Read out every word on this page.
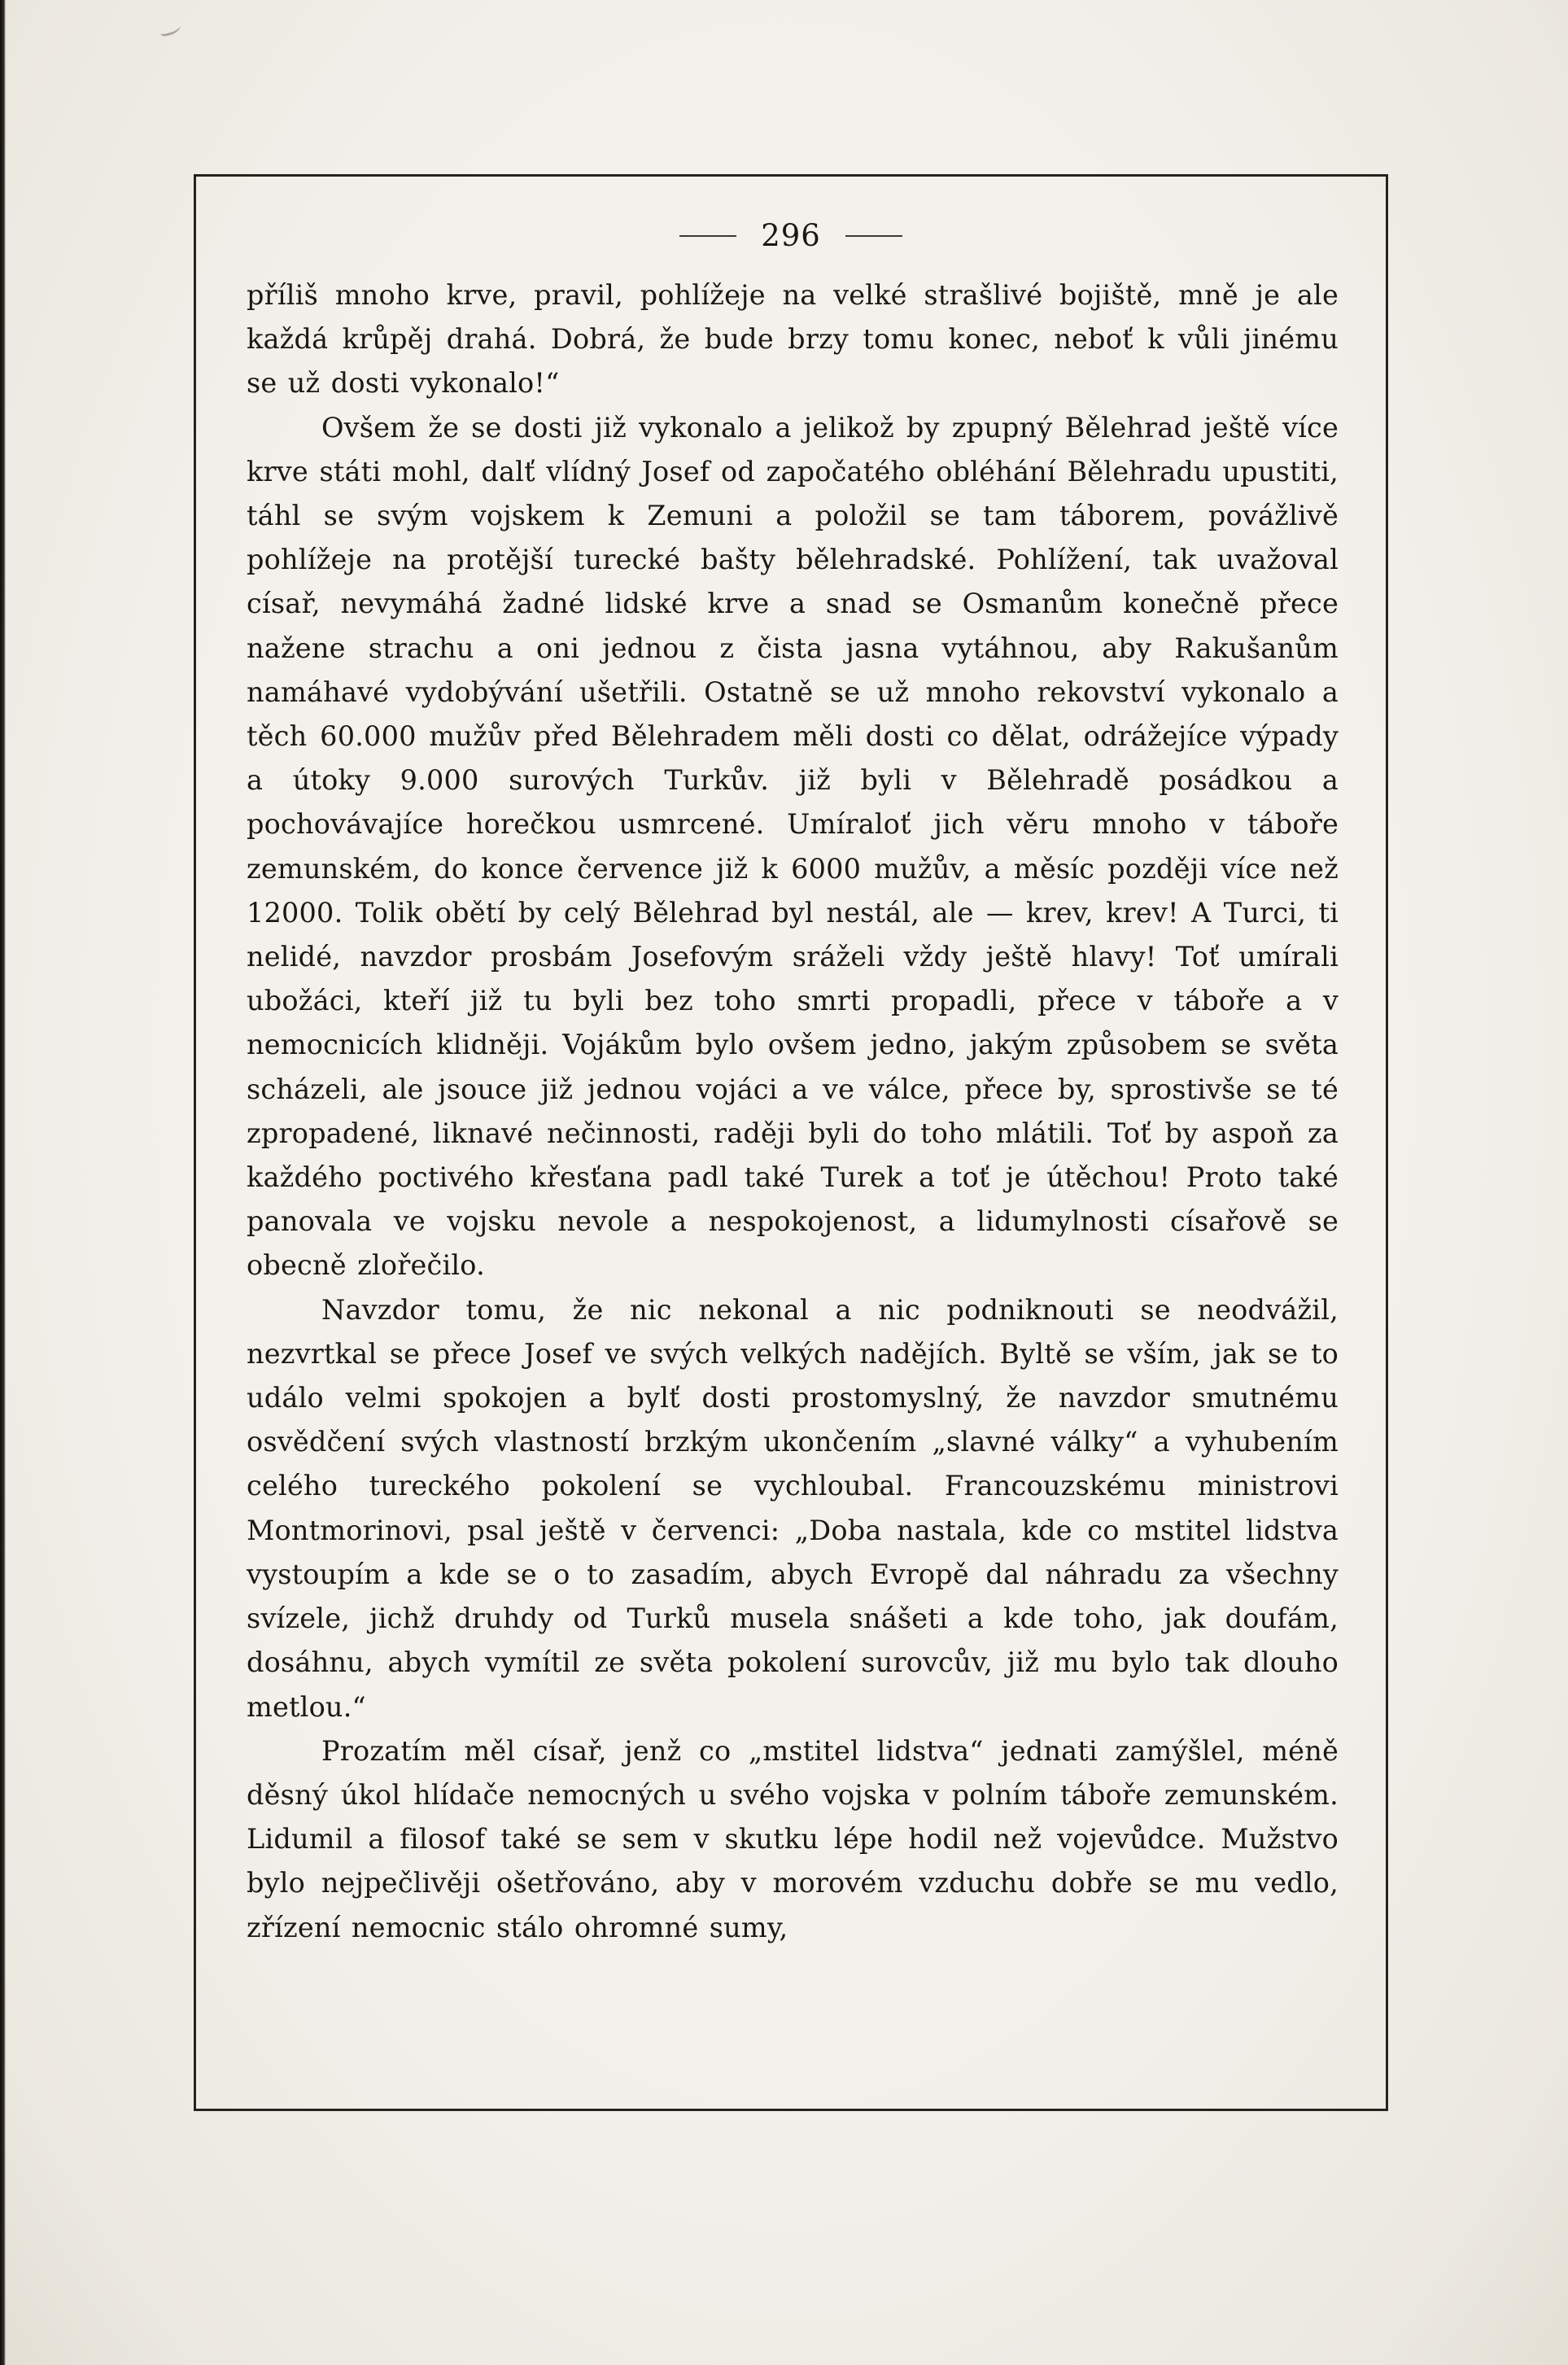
296

příliš mnoho krve, pravil, pohlížeje na velké strašlivé bojiště, mně je ale každá krůpěj drahá. Dobrá, že bude brzy tomu konec, neboť k vůli jinému se už dosti vykonalo!“

Ovšem že se dosti již vykonalo a jelikož by zpupný Bělehrad ještě více krve státi mohl, dalť vlídný Josef od započatého obléhání Bělehradu upustiti, táhl se svým vojskem k Zemuni a položil se tam táborem, povážlivě pohlížeje na protější turecké bašty bělehradské. Pohlížení, tak uvažoval císař, nevymáhá žadné lidské krve a snad se Osmanům konečně přece nažene strachu a oni jednou z čista jasna vytáhnou, aby Rakušanům namáhavé vydobývání ušetřili. Ostatně se už mnoho rekovství vykonalo a těch 60.000 mužův před Bělehradem měli dosti co dělat, odrážejíce výpady a útoky 9.000 surových Turkův. již byli v Bělehradě posádkou a pochovávajíce horečkou usmrcené. Umíraloť jich věru mnoho v táboře zemunském, do konce července již k 6000 mužův, a měsíc později více než 12000. Tolik obětí by celý Bělehrad byl nestál, ale — krev, krev! A Turci, ti nelidé, navzdor prosbám Josefovým sráželi vždy ještě hlavy! Toť umírali ubožáci, kteří již tu byli bez toho smrti propadli, přece v táboře a v nemocnicích klidněji. Vojákům bylo ovšem jedno, jakým způsobem se světa scházeli, ale jsouce již jednou vojáci a ve válce, přece by, sprostivše se té zpropadené, liknavé nečinnosti, raději byli do toho mlátili. Toť by aspoň za každého poctivého křesťana padl také Turek a toť je útěchou! Proto také panovala ve vojsku nevole a nespokojenost, a lidumylnosti císařově se obecně zlořečilo.

Navzdor tomu, že nic nekonal a nic podniknouti se neodvážil, nezvrtkal se přece Josef ve svých velkých nadějích. Byltě se vším, jak se to událo velmi spokojen a bylť dosti prostomyslný, že navzdor smutnému osvědčení svých vlastností brzkým ukončením „slavné války“ a vyhubením celého tureckého pokolení se vychloubal. Francouzskému ministrovi Montmorinovi, psal ještě v červenci: „Doba nastala, kde co mstitel lidstva vystoupím a kde se o to zasadím, abych Evropě dal náhradu za všechny svízele, jichž druhdy od Turků musela snášeti a kde toho, jak doufám, dosáhnu, abych vymítil ze světa pokolení surovcův, již mu bylo tak dlouho metlou.“

Prozatím měl císař, jenž co „mstitel lidstva“ jednati zamýšlel, méně děsný úkol hlídače nemocných u svého vojska v polním táboře zemunském. Lidumil a filosof také se sem v skutku lépe hodil než vojevůdce. Mužstvo bylo nejpečlivěji ošetřováno, aby v morovém vzduchu dobře se mu vedlo, zřízení nemocnic stálo ohromné sumy,
